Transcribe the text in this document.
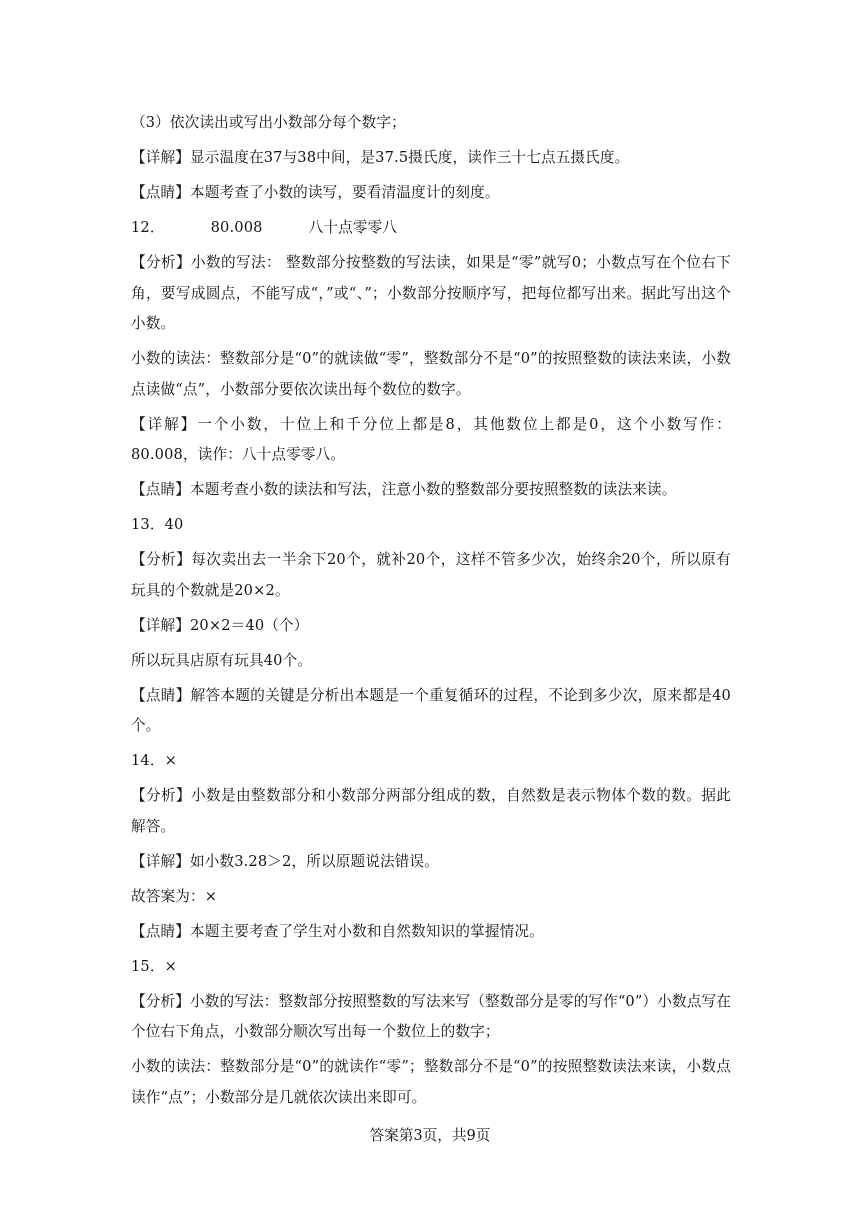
（3）依次读出或写出小数部分每个数字；

【详解】显示温度在37与38中间，是37.5摄氏度，读作三十七点五摄氏度。

【点睛】本题考查了小数的读写，要看清温度计的刻度。

12．	80.008	八十点零零八

【分析】小数的写法： 整数部分按整数的写法读，如果是“零”就写0；小数点写在个位右下角，要写成圆点，不能写成“，”或“、”；小数部分按顺序写，把每位都写出来。据此写出这个小数。

小数的读法：整数部分是“0”的就读做“零”，整数部分不是“0”的按照整数的读法来读，小数点读做“点”，小数部分要依次读出每个数位的数字。

【详解】一个小数，十位上和千分位上都是8，其他数位上都是0，这个小数写作：80.008，读作：八十点零零八。

【点睛】本题考查小数的读法和写法，注意小数的整数部分要按照整数的读法来读。

13．40

【分析】每次卖出去一半余下20个，就补20个，这样不管多少次，始终余20个，所以原有玩具的个数就是20×2。

【详解】20×2＝40（个）

所以玩具店原有玩具40个。

【点睛】解答本题的关键是分析出本题是一个重复循环的过程，不论到多少次，原来都是40个。

14．×

【分析】小数是由整数部分和小数部分两部分组成的数，自然数是表示物体个数的数。据此解答。

【详解】如小数3.28＞2，所以原题说法错误。

故答案为：×

【点睛】本题主要考查了学生对小数和自然数知识的掌握情况。

15．×

【分析】小数的写法：整数部分按照整数的写法来写（整数部分是零的写作“0”）小数点写在个位右下角点，小数部分顺次写出每一个数位上的数字；

小数的读法：整数部分是“0”的就读作“零”；整数部分不是“0”的按照整数读法来读，小数点读作“点”；小数部分是几就依次读出来即可。

答案第3页，共9页
